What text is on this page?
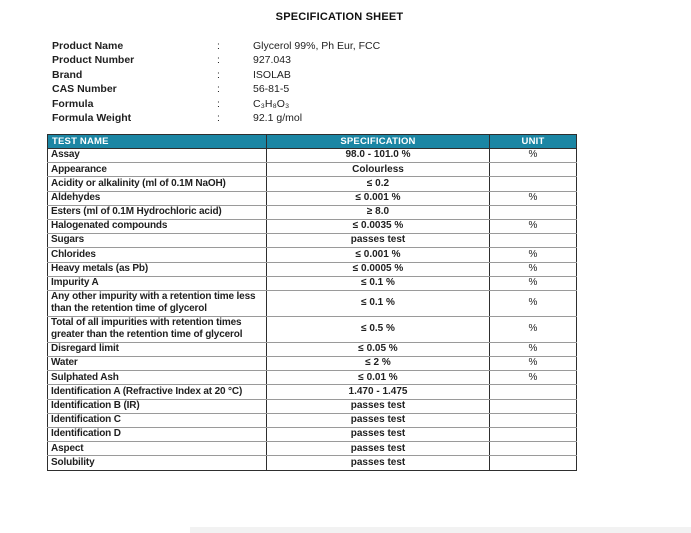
SPECIFICATION SHEET
Product Name	:	Glycerol 99%, Ph Eur, FCC
Product Number	:	927.043
Brand	:	ISOLAB
CAS Number	:	56-81-5
Formula	:	C₃H₈O₃
Formula Weight	:	92.1 g/mol
TEST NAME	SPECIFICATION	UNIT
Assay	98.0 - 101.0 %	%
Appearance	Colourless	
Acidity or alkalinity (ml of 0.1M NaOH)	≤ 0.2	
Aldehydes	≤ 0.001 %	%
Esters (ml of 0.1M Hydrochloric acid)	≥ 8.0	
Halogenated compounds	≤ 0.0035 %	%
Sugars	passes test	
Chlorides	≤ 0.001 %	%
Heavy metals (as Pb)	≤ 0.0005 %	%
Impurity A	≤ 0.1 %	%
Any other impurity with a retention time less than the retention time of glycerol	≤ 0.1 %	%
Total of all impurities with retention times greater than the retention time of glycerol	≤ 0.5 %	%
Disregard limit	≤ 0.05 %	%
Water	≤ 2 %	%
Sulphated Ash	≤ 0.01 %	%
Identification A (Refractive Index at 20 °C)	1.470 - 1.475	
Identification B (IR)	passes test	
Identification C	passes test	
Identification D	passes test	
Aspect	passes test	
Solubility	passes test	
